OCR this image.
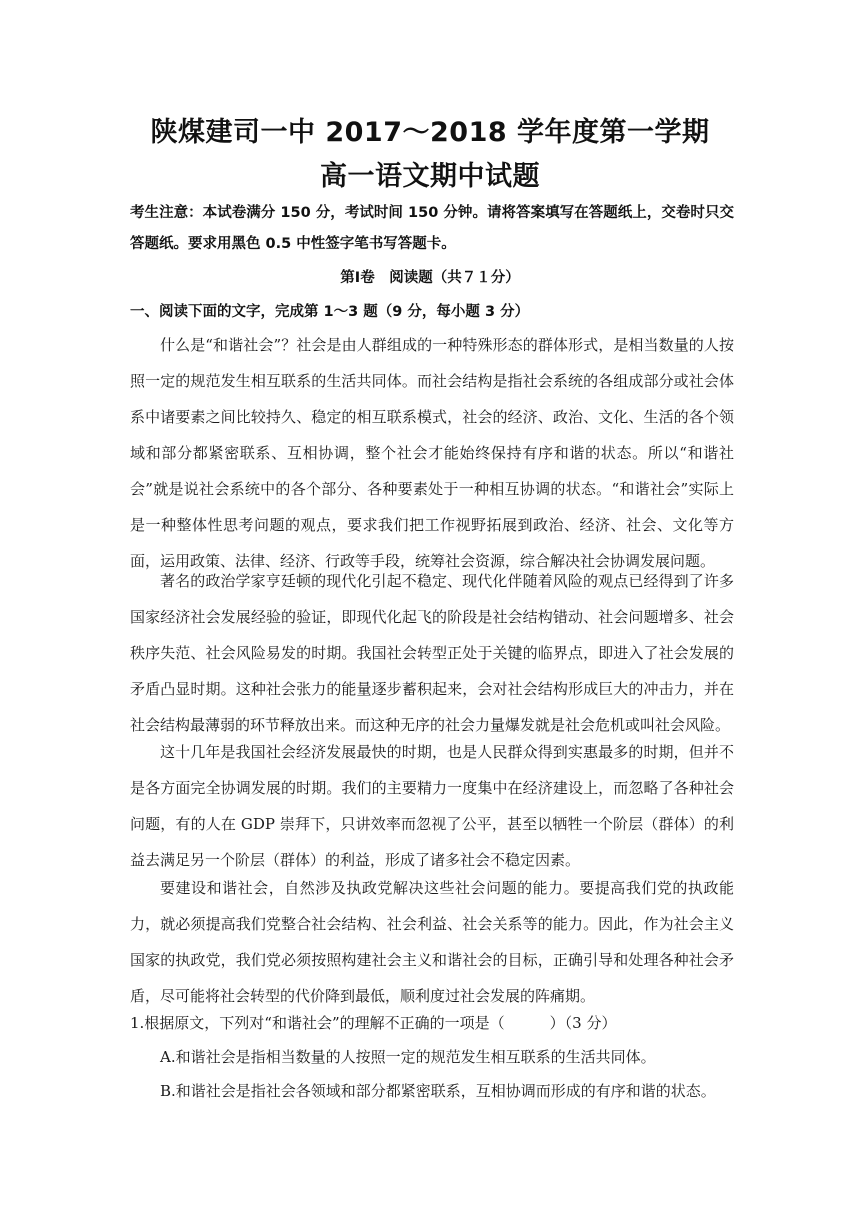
陕煤建司一中 2017～2018 学年度第一学期
高一语文期中试题
考生注意：本试卷满分 150 分，考试时间 150 分钟。请将答案填写在答题纸上，交卷时只交答题纸。要求用黑色 0.5 中性签字笔书写答题卡。
第Ⅰ卷　阅读题（共７１分）
一、阅读下面的文字，完成第 1～3 题（9 分，每小题 3 分）

什么是“和谐社会”？社会是由人群组成的一种特殊形态的群体形式，是相当数量的人按照一定的规范发生相互联系的生活共同体。而社会结构是指社会系统的各组成部分或社会体系中诸要素之间比较持久、稳定的相互联系模式，社会的经济、政治、文化、生活的各个领域和部分都紧密联系、互相协调，整个社会才能始终保持有序和谐的状态。所以“和谐社会”就是说社会系统中的各个部分、各种要素处于一种相互协调的状态。“和谐社会”实际上是一种整体性思考问题的观点，要求我们把工作视野拓展到政治、经济、社会、文化等方面，运用政策、法律、经济、行政等手段，统筹社会资源，综合解决社会协调发展问题。

著名的政治学家亨廷顿的现代化引起不稳定、现代化伴随着风险的观点已经得到了许多国家经济社会发展经验的验证，即现代化起飞的阶段是社会结构错动、社会问题增多、社会秩序失范、社会风险易发的时期。我国社会转型正处于关键的临界点，即进入了社会发展的矛盾凸显时期。这种社会张力的能量逐步蓄积起来，会对社会结构形成巨大的冲击力，并在社会结构最薄弱的环节释放出来。而这种无序的社会力量爆发就是社会危机或叫社会风险。

这十几年是我国社会经济发展最快的时期，也是人民群众得到实惠最多的时期，但并不是各方面完全协调发展的时期。我们的主要精力一度集中在经济建设上，而忽略了各种社会问题，有的人在 GDP 崇拜下，只讲效率而忽视了公平，甚至以牺牲一个阶层（群体）的利益去满足另一个阶层（群体）的利益，形成了诸多社会不稳定因素。

要建设和谐社会，自然涉及执政党解决这些社会问题的能力。要提高我们党的执政能力，就必须提高我们党整合社会结构、社会利益、社会关系等的能力。因此，作为社会主义国家的执政党，我们党必须按照构建社会主义和谐社会的目标，正确引导和处理各种社会矛盾，尽可能将社会转型的代价降到最低，顺利度过社会发展的阵痛期。

1.根据原文，下列对“和谐社会”的理解不正确的一项是（　　　）（3 分）
A.和谐社会是指相当数量的人按照一定的规范发生相互联系的生活共同体。
B.和谐社会是指社会各领域和部分都紧密联系，互相协调而形成的有序和谐的状态。
